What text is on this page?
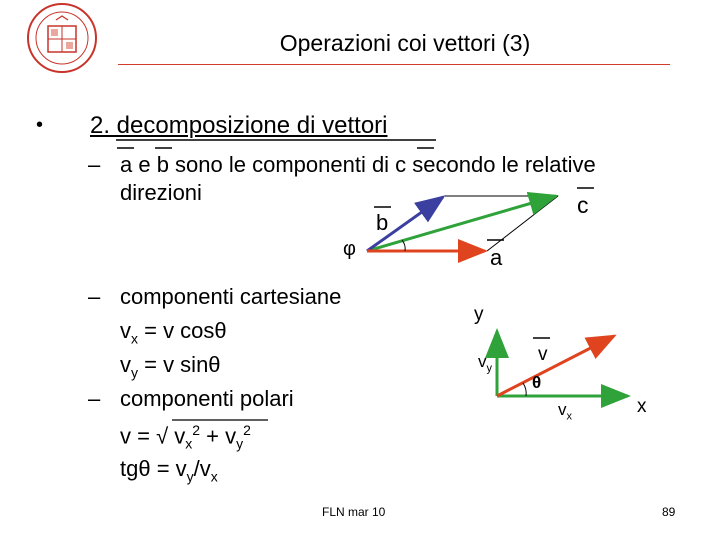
Operazioni coi vettori (3)
• 2. decomposizione di vettori
– a e b sono le componenti di c secondo le relative
direzioni	c
b
a
φ
– componenti cartesiane
$v_x = v$ cosθ
$v_y = v$ sinθ
– componenti polari
v = √ $v_x^2 + v_y^2$
$tg\theta = v_y/v_x$
y
x
v
$v_y$
$v_x$
θ
FLN mar 10	89
